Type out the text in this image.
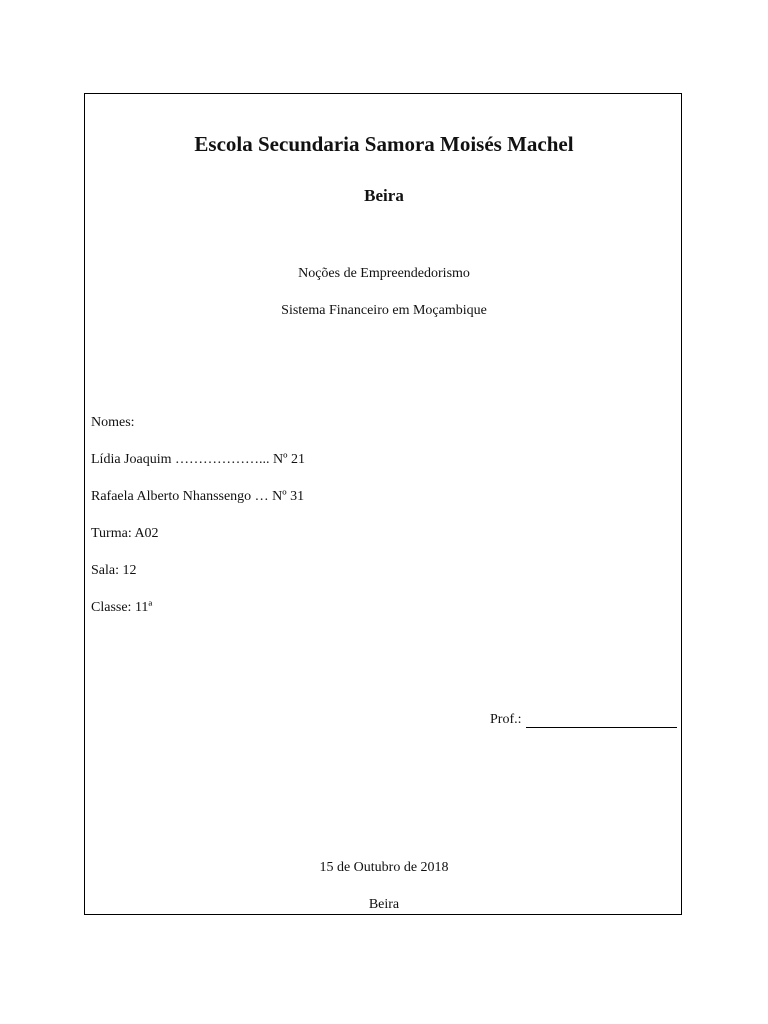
Escola Secundaria Samora Moisés Machel
Beira
Noções de Empreendedorismo
Sistema Financeiro em Moçambique
Nomes:
Lídia Joaquim ………………... Nº 21
Rafaela Alberto Nhanssengo … Nº 31
Turma: A02
Sala: 12
Classe: 11ª
Prof.:
15 de Outubro de 2018
Beira
